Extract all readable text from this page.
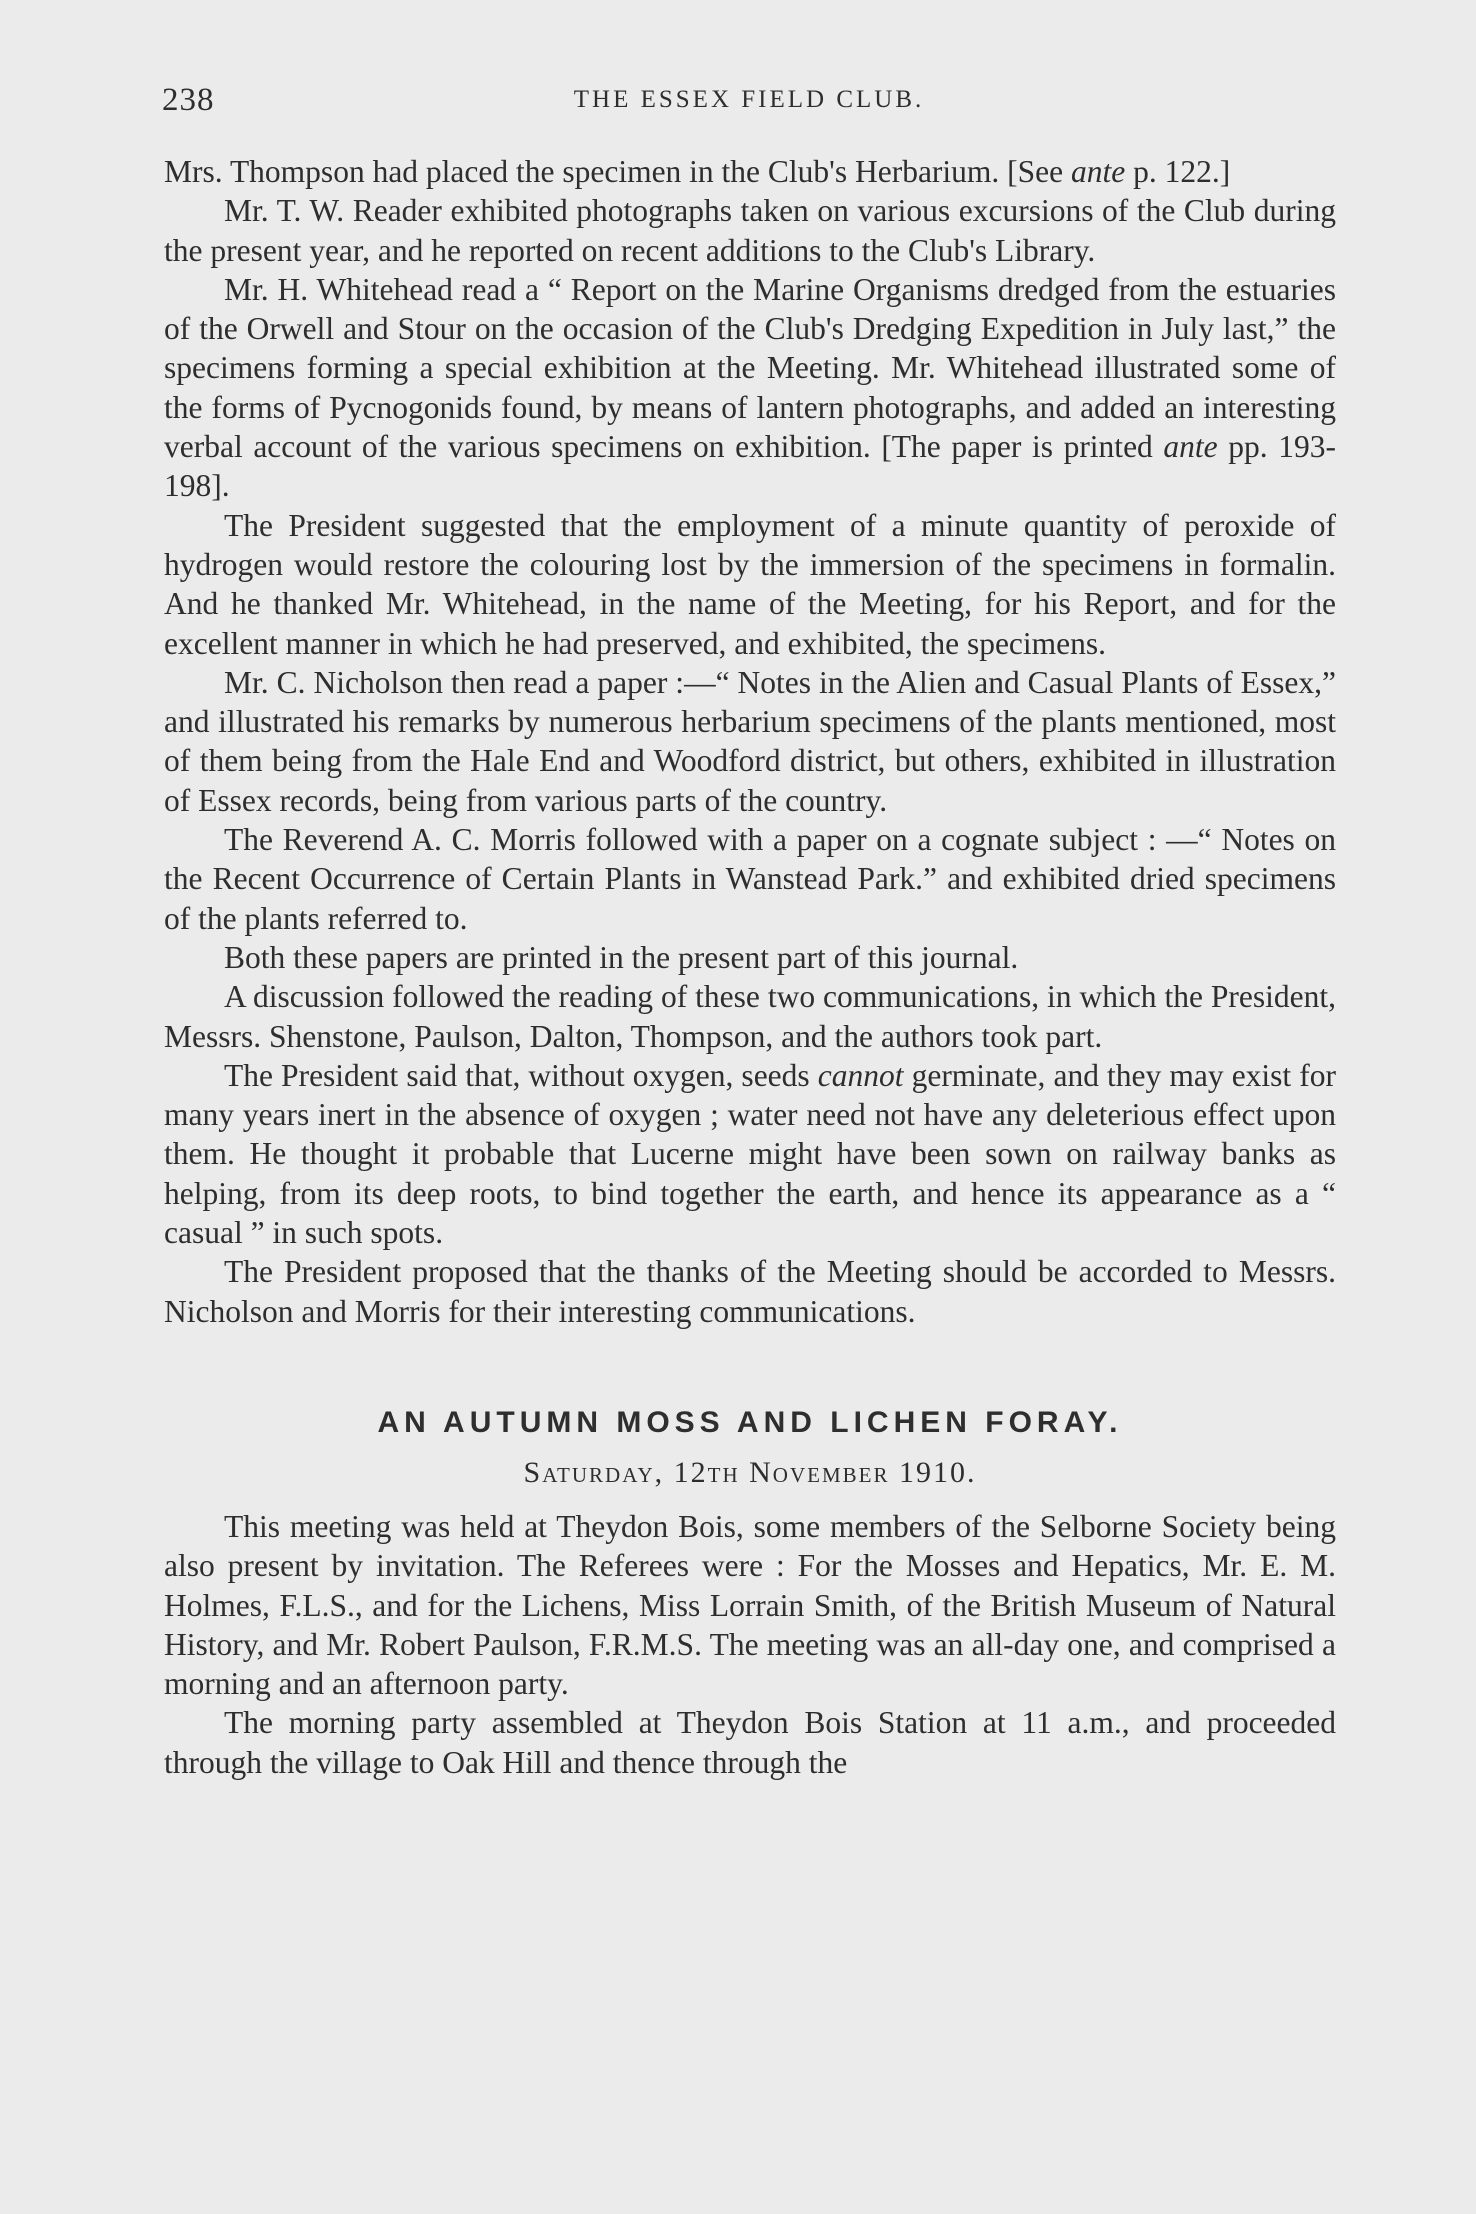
238	THE ESSEX FIELD CLUB.

Mrs. Thompson had placed the specimen in the Club's Herbarium. [See ante p. 122.]

Mr. T. W. Reader exhibited photographs taken on various excursions of the Club during the present year, and he reported on recent additions to the Club's Library.

Mr. H. Whitehead read a “ Report on the Marine Organisms dredged from the estuaries of the Orwell and Stour on the occasion of the Club's Dredging Expedition in July last,” the specimens forming a special exhibition at the Meeting. Mr. Whitehead illustrated some of the forms of Pycnogonids found, by means of lantern photographs, and added an interesting verbal account of the various specimens on exhibition. [The paper is printed ante pp. 193-198].

The President suggested that the employment of a minute quantity of peroxide of hydrogen would restore the colouring lost by the immersion of the specimens in formalin. And he thanked Mr. Whitehead, in the name of the Meeting, for his Report, and for the excellent manner in which he had preserved, and exhibited, the specimens.

Mr. C. Nicholson then read a paper :—“ Notes in the Alien and Casual Plants of Essex,” and illustrated his remarks by numerous herbarium specimens of the plants mentioned, most of them being from the Hale End and Woodford district, but others, exhibited in illustration of Essex records, being from various parts of the country.

The Reverend A. C. Morris followed with a paper on a cognate subject : —“ Notes on the Recent Occurrence of Certain Plants in Wanstead Park.” and exhibited dried specimens of the plants referred to.

Both these papers are printed in the present part of this journal.

A discussion followed the reading of these two communications, in which the President, Messrs. Shenstone, Paulson, Dalton, Thompson, and the authors took part.

The President said that, without oxygen, seeds cannot germinate, and they may exist for many years inert in the absence of oxygen ; water need not have any deleterious effect upon them. He thought it probable that Lucerne might have been sown on railway banks as helping, from its deep roots, to bind together the earth, and hence its appearance as a “ casual ” in such spots.

The President proposed that the thanks of the Meeting should be accorded to Messrs. Nicholson and Morris for their interesting communications.

AN AUTUMN MOSS AND LICHEN FORAY.
Saturday, 12th November 1910.

This meeting was held at Theydon Bois, some members of the Selborne Society being also present by invitation. The Referees were : For the Mosses and Hepatics, Mr. E. M. Holmes, F.L.S., and for the Lichens, Miss Lorrain Smith, of the British Museum of Natural History, and Mr. Robert Paulson, F.R.M.S. The meeting was an all-day one, and comprised a morning and an afternoon party.

The morning party assembled at Theydon Bois Station at 11 a.m., and proceeded through the village to Oak Hill and thence through the
